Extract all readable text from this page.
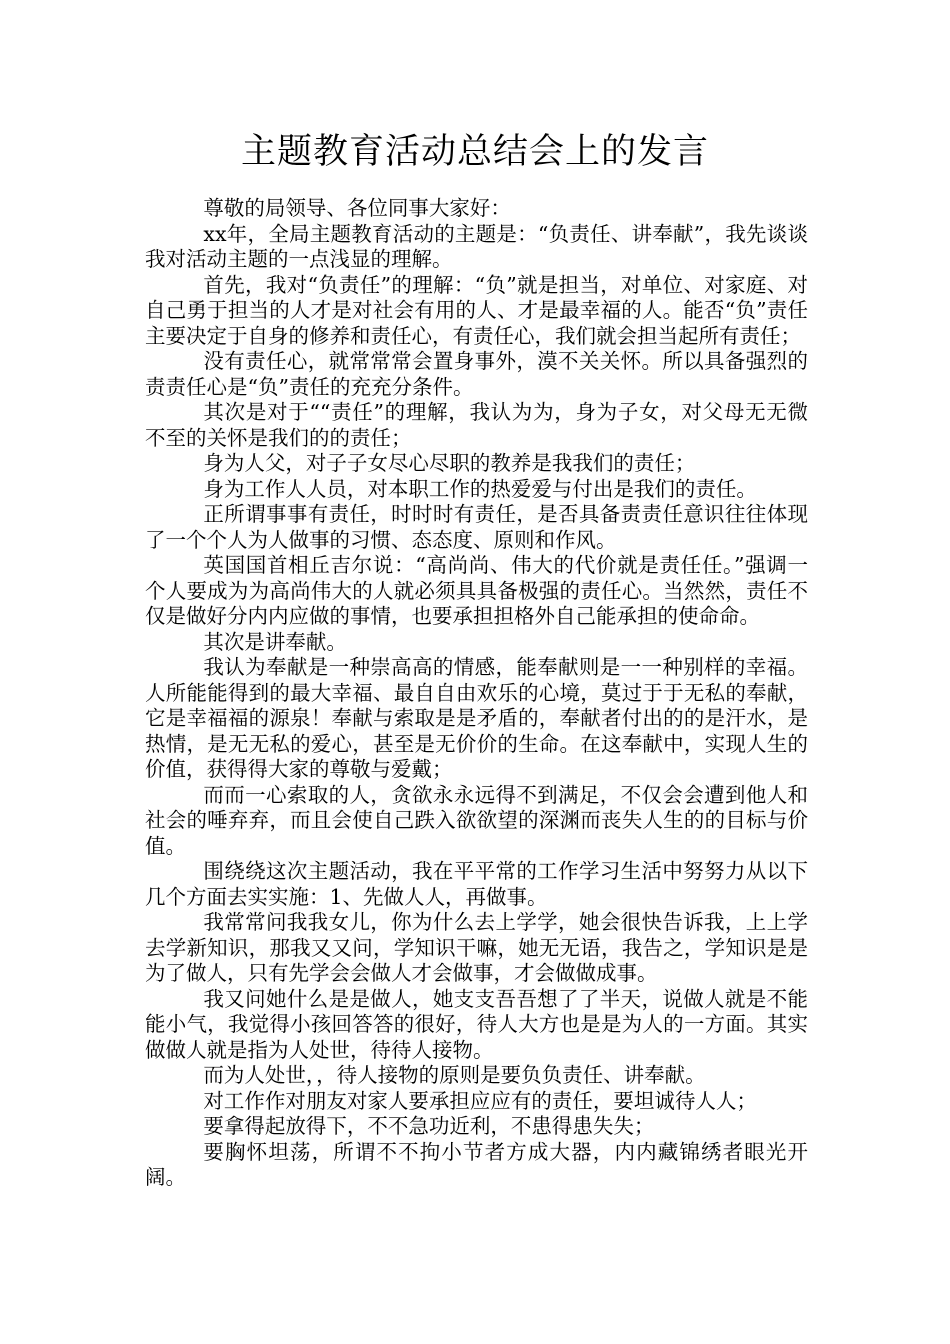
主题教育活动总结会上的发言

尊敬的局领导、各位同事大家好：

xx年，全局主题教育活动的主题是：“负责任、讲奉献”，我先谈谈我对活动主题的一点浅显的理解。

首先，我对“负责任”的理解：“负”就是担当，对单位、对家庭、对自己勇于担当的人才是对社会有用的人、才是最幸福的人。能否“负”责任主要决定于自身的修养和责任心，有责任心，我们就会担当起所有责任；

没有责任心，就常常常会置身事外，漠不关关怀。所以具备强烈的责责任心是“负”责任的充充分条件。

其次是对于““责任”的理解，我认为为，身为子女，对父母无无微不至的关怀是我们的的责任；

身为人父，对子子女尽心尽职的教养是我我们的责任；

身为工作人人员，对本职工作的热爱爱与付出是我们的责任。

正所谓事事有责任，时时时有责任，是否具备责责任意识往往体现了一个个人为人做事的习惯、态态度、原则和作风。

英国国首相丘吉尔说：“高尚尚、伟大的代价就是责任任。”强调一个人要成为为高尚伟大的人就必须具具备极强的责任心。当然然，责任不仅是做好分内内应做的事情，也要承担担格外自己能承担的使命命。

其次是讲奉献。

我认为奉献是一种崇高高的情感，能奉献则是一一种别样的幸福。人所能能得到的最大幸福、最自自由欢乐的心境，莫过于于无私的奉献，它是幸福福的源泉！奉献与索取是是矛盾的，奉献者付出的的是汗水，是热情，是无无私的爱心，甚至是无价价的生命。在这奉献中，实现人生的价值，获得得大家的尊敬与爱戴；

而而一心索取的人，贪欲永永远得不到满足，不仅会会遭到他人和社会的唾弃弃，而且会使自己跌入欲欲望的深渊而丧失人生的的目标与价值。

围绕绕这次主题活动，我在平平常的工作学习生活中努努力从以下几个方面去实实施：1、先做人人，再做事。

我常常问我我女儿，你为什么去上学学，她会很快告诉我，上上学去学新知识，那我又又问，学知识干嘛，她无无语，我告之，学知识是是为了做人，只有先学会会做人才会做事，才会做做成事。

我又问她什么是是做人，她支支吾吾想了了半天，说做人就是不能能小气，我觉得小孩回答答的很好，待人大方也是是为人的一方面。其实做做人就是指为人处世，待待人接物。

而为人处世，，待人接物的原则是要负负责任、讲奉献。

对工作作对朋友对家人要承担应应有的责任，要坦诚待人人；

要拿得起放得下，不不急功近利，不患得患失失；

要胸怀坦荡，所谓不不拘小节者方成大器，内内藏锦绣者眼光开阔。
